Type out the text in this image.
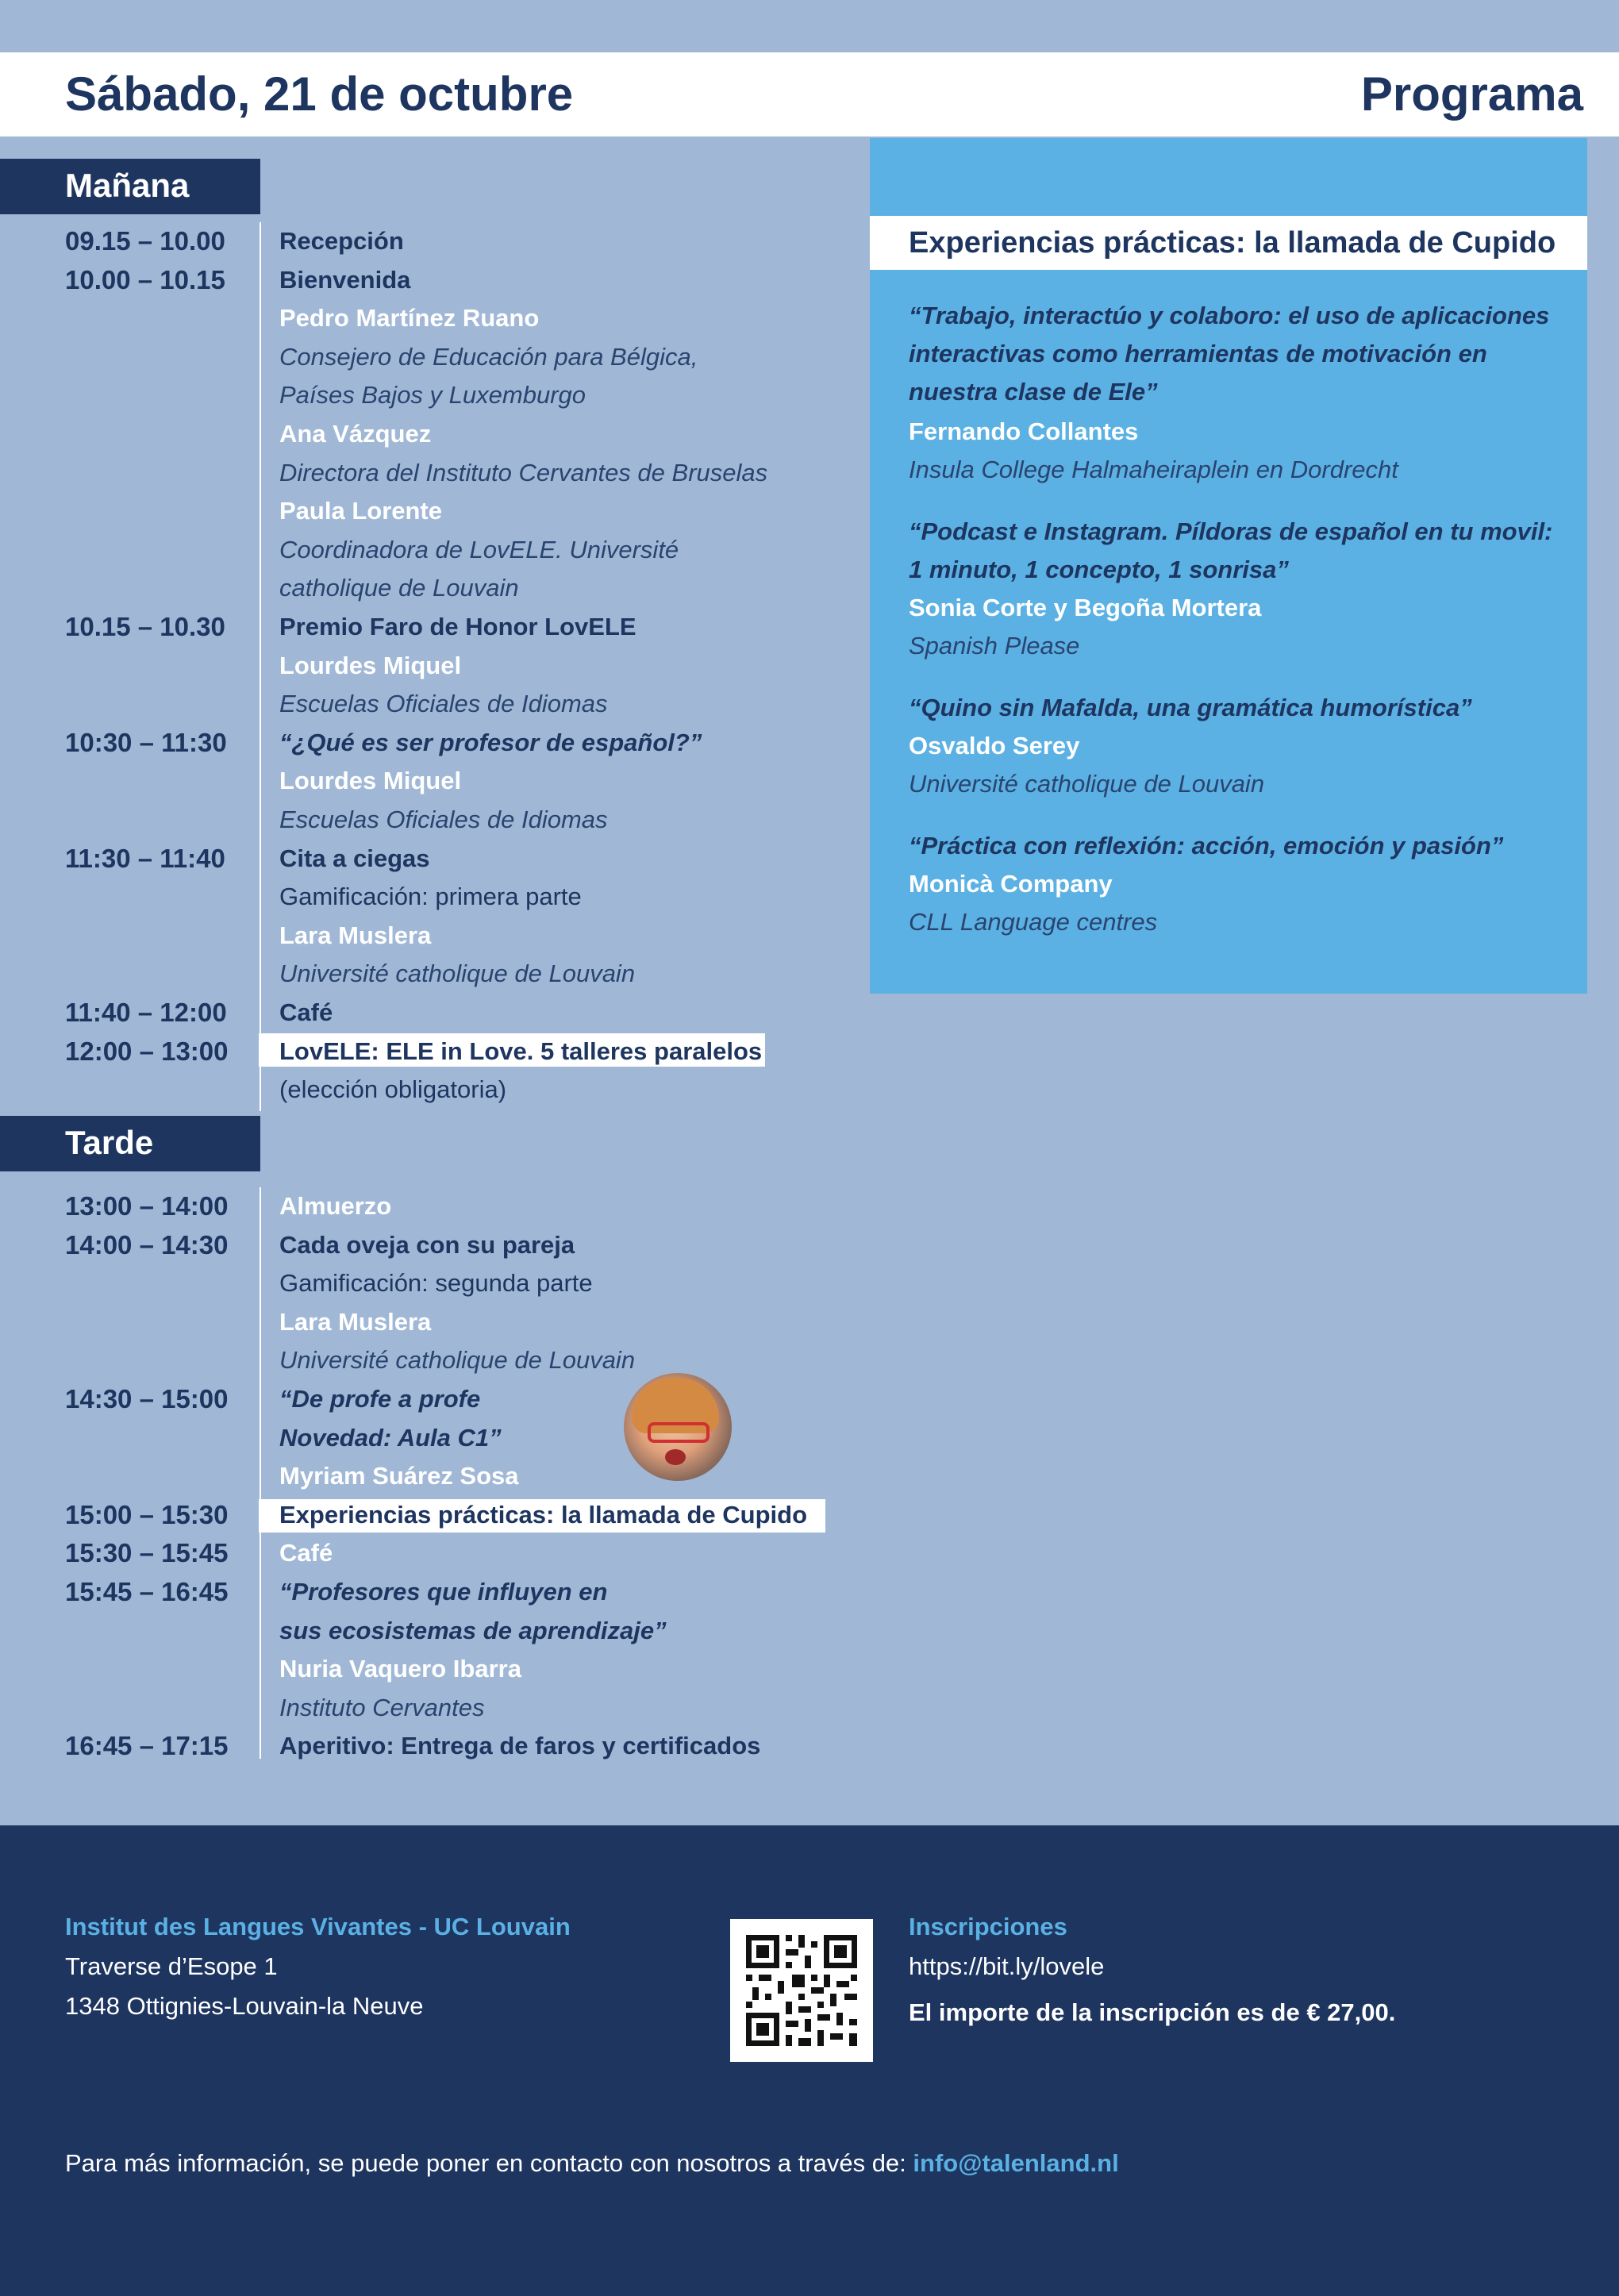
Sábado, 21 de octubre	Programa
Mañana
09.15 – 10.00	Recepción
10.00 – 10.15	Bienvenida
Pedro Martínez Ruano
Consejero de Educación para Bélgica,
Países Bajos y Luxemburgo
Ana Vázquez
Directora del Instituto Cervantes de Bruselas
Paula Lorente
Coordinadora de LovELE. Université
catholique de Louvain
10.15 – 10.30	Premio Faro de Honor LovELE
Lourdes Miquel
Escuelas Oficiales de Idiomas
10:30 – 11:30	“¿Qué es ser profesor de español?”
Lourdes Miquel
Escuelas Oficiales de Idiomas
11:30 – 11:40	Cita a ciegas
Gamificación: primera parte
Lara Muslera
Université catholique de Louvain
11:40 – 12:00	Café
12:00 – 13:00	LovELE: ELE in Love. 5 talleres paralelos
(elección obligatoria)
Tarde
13:00 – 14:00	Almuerzo
14:00 – 14:30	Cada oveja con su pareja
Gamificación: segunda parte
Lara Muslera
Université catholique de Louvain
14:30 – 15:00	“De profe a profe
Novedad: Aula C1”
Myriam Suárez Sosa
15:00 – 15:30	Experiencias prácticas: la llamada de Cupido
15:30 – 15:45	Café
15:45 – 16:45	“Profesores que influyen en
sus ecosistemas de aprendizaje”
Nuria Vaquero Ibarra
Instituto Cervantes
16:45 – 17:15	Aperitivo: Entrega de faros y certificados
Experiencias prácticas: la llamada de Cupido
“Trabajo, interactúo y colaboro: el uso de aplicaciones
interactivas como herramientas de motivación en
nuestra clase de Ele”
Fernando Collantes
Insula College Halmaheiraplein en Dordrecht
“Podcast e Instagram. Píldoras de español en tu movil:
1 minuto, 1 concepto, 1 sonrisa”
Sonia Corte y Begoña Mortera
Spanish Please
“Quino sin Mafalda, una gramática humorística”
Osvaldo Serey
Université catholique de Louvain
“Práctica con reflexión: acción, emoción y pasión”
Monicà Company
CLL Language centres
Institut des Langues Vivantes - UC Louvain
Traverse d’Esope 1
1348 Ottignies-Louvain-la Neuve
Inscripciones
https://bit.ly/lovele
El importe de la inscripción es de € 27,00.
Para más información, se puede poner en contacto con nosotros a través de: info@talenland.nl
